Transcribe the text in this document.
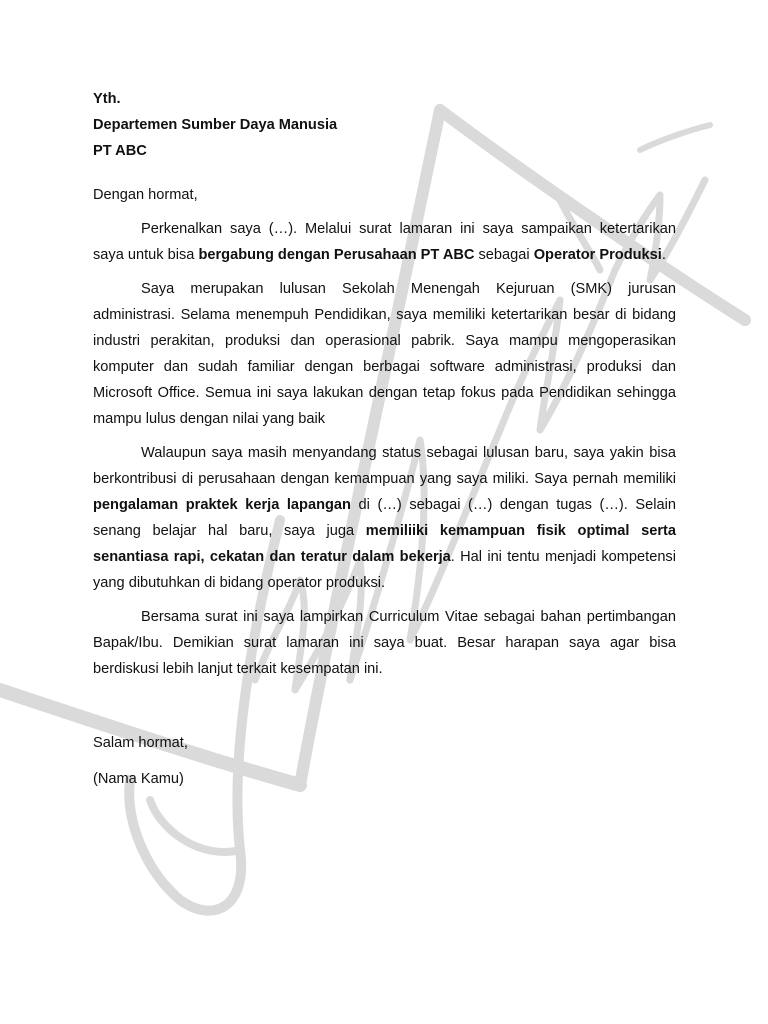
Yth.
Departemen Sumber Daya Manusia
PT ABC
Dengan hormat,

Perkenalkan saya (…). Melalui surat lamaran ini saya sampaikan ketertarikan saya untuk bisa bergabung dengan Perusahaan PT ABC sebagai Operator Produksi.

Saya merupakan lulusan Sekolah Menengah Kejuruan (SMK) jurusan administrasi. Selama menempuh Pendidikan, saya memiliki ketertarikan besar di bidang industri perakitan, produksi dan operasional pabrik. Saya mampu mengoperasikan komputer dan sudah familiar dengan berbagai software administrasi, produksi dan Microsoft Office. Semua ini saya lakukan dengan tetap fokus pada Pendidikan sehingga mampu lulus dengan nilai yang baik

Walaupun saya masih menyandang status sebagai lulusan baru, saya yakin bisa berkontribusi di perusahaan dengan kemampuan yang saya miliki. Saya pernah memiliki pengalaman praktek kerja lapangan di (…) sebagai (…) dengan tugas (…). Selain senang belajar hal baru, saya juga memiliiki kemampuan fisik optimal serta senantiasa rapi, cekatan dan teratur dalam bekerja. Hal ini tentu menjadi kompetensi yang dibutuhkan di bidang operator produksi.

Bersama surat ini saya lampirkan Curriculum Vitae sebagai bahan pertimbangan Bapak/Ibu. Demikian surat lamaran ini saya buat. Besar harapan saya agar bisa berdiskusi lebih lanjut terkait kesempatan ini.

Salam hormat,
(Nama Kamu)
